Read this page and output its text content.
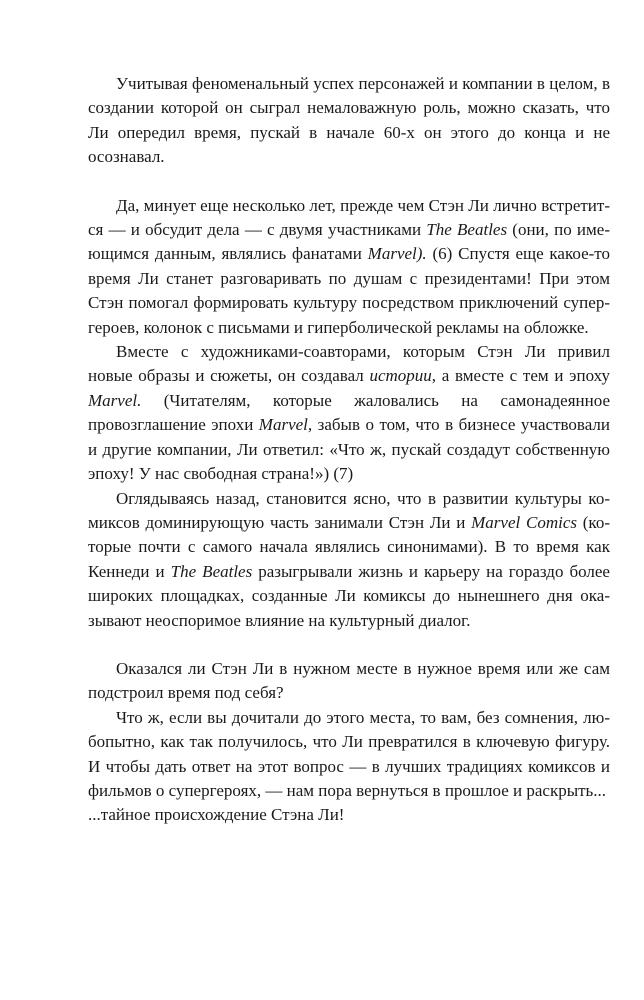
Учитывая феноменальный успех персонажей и компании в целом, в создании которой он сыграл немаловажную роль, можно сказать, что Ли опередил время, пускай в начале 60-х он этого до конца и не осознавал.

Да, минует еще несколько лет, прежде чем Стэн Ли лично встретится — и обсудит дела — с двумя участниками The Beatles (они, по имеющимся данным, являлись фанатами Marvel). (6) Спустя еще какое-то время Ли станет разговаривать по душам с президентами! При этом Стэн помогал формировать культуру посредством приключений супергероев, колонок с письмами и гиперболической рекламы на обложке.

Вместе с художниками-соавторами, которым Стэн Ли привил новые образы и сюжеты, он создавал истории, а вместе с тем и эпоху Marvel. (Читателям, которые жаловались на самонадеянное провозглашение эпохи Marvel, забыв о том, что в бизнесе участвовали и другие компании, Ли ответил: «Что ж, пускай создадут собственную эпоху! У нас свободная страна!») (7)

Оглядываясь назад, становится ясно, что в развитии культуры комиксов доминирующую часть занимали Стэн Ли и Marvel Comics (которые почти с самого начала являлись синонимами). В то время как Кеннеди и The Beatles разыгрывали жизнь и карьеру на гораздо более широких площадках, созданные Ли комиксы до нынешнего дня оказывают неоспоримое влияние на культурный диалог.

Оказался ли Стэн Ли в нужном месте в нужное время или же сам подстроил время под себя?

Что ж, если вы дочитали до этого места, то вам, без сомнения, любопытно, как так получилось, что Ли превратился в ключевую фигуру. И чтобы дать ответ на этот вопрос — в лучших традициях комиксов и фильмов о супергероях, — нам пора вернуться в прошлое и раскрыть...

...тайное происхождение Стэна Ли!
